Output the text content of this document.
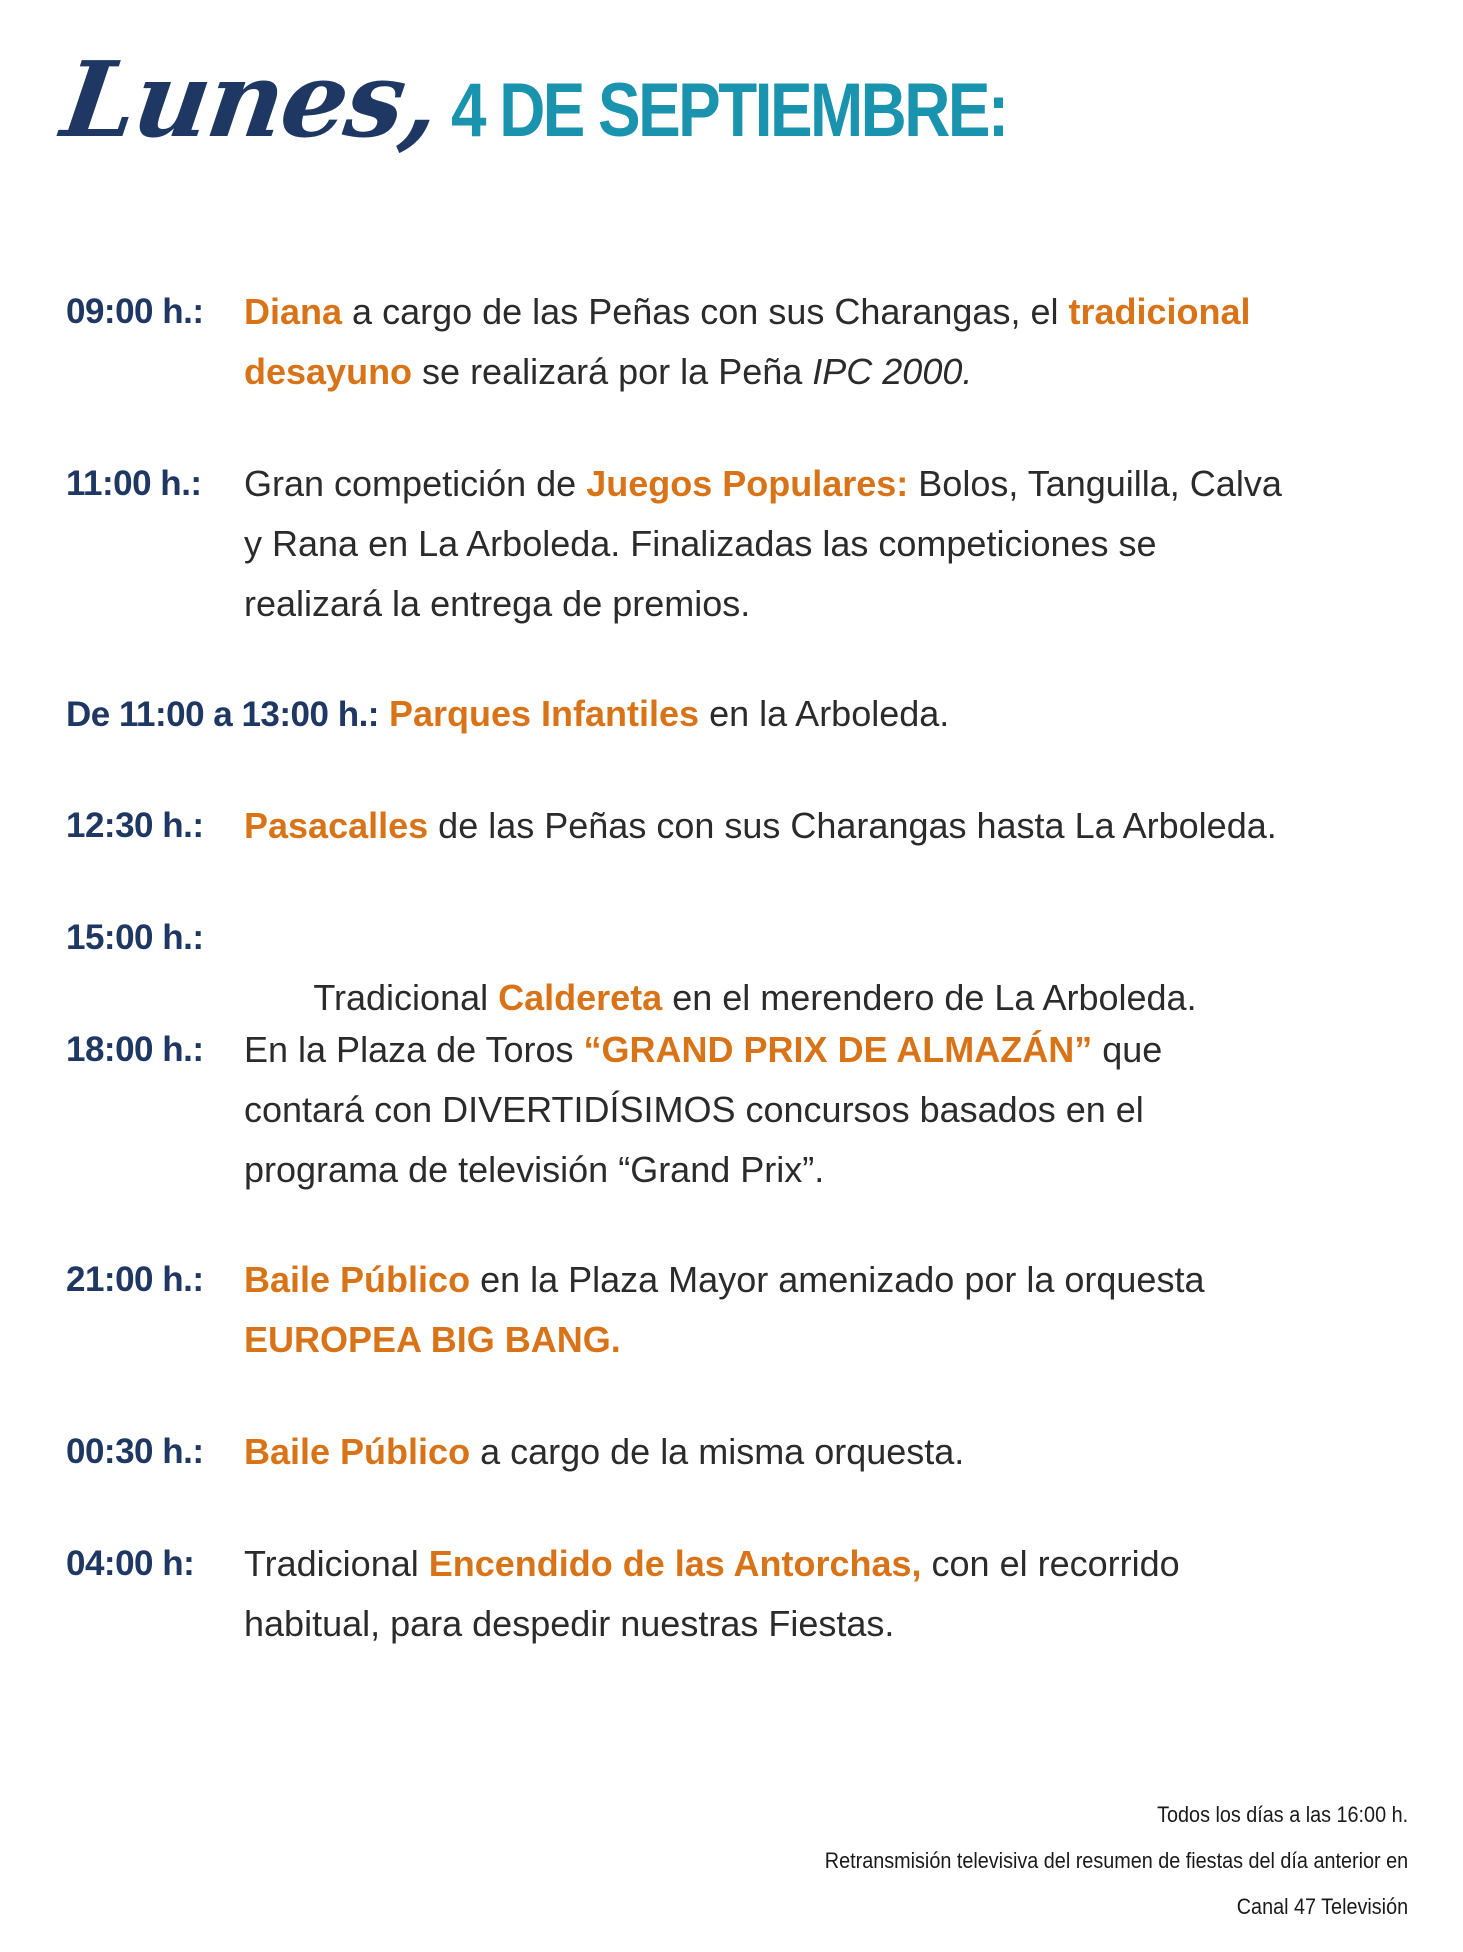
Lunes,4 DE SEPTIEMBRE:
09:00 h.: Diana a cargo de las Peñas con sus Charangas, el tradicional desayuno se realizará por la Peña IPC 2000.
11:00 h.: Gran competición de Juegos Populares: Bolos, Tanguilla, Calva y Rana en La Arboleda. Finalizadas las competiciones se realizará la entrega de premios.
De 11:00 a 13:00 h.: Parques Infantiles en la Arboleda.
12:30 h.: Pasacalles de las Peñas con sus Charangas hasta La Arboleda.
15:00 h.:

Tradicional Caldereta en el merendero de La Arboleda.

18:00 h.: En la Plaza de Toros “GRAND PRIX DE ALMAZÁN” que contará con DIVERTIDÍSIMOS concursos basados en el programa de televisión “Grand Prix”.
21:00 h.: Baile Público en la Plaza Mayor amenizado por la orquesta EUROPEA BIG BANG.
00:30 h.: Baile Público a cargo de la misma orquesta.
04:00 h: Tradicional Encendido de las Antorchas, con el recorrido habitual, para despedir nuestras Fiestas.
Todos los días a las 16:00 h.
Retransmisión televisiva del resumen de fiestas del día anterior en
Canal 47 Televisión
